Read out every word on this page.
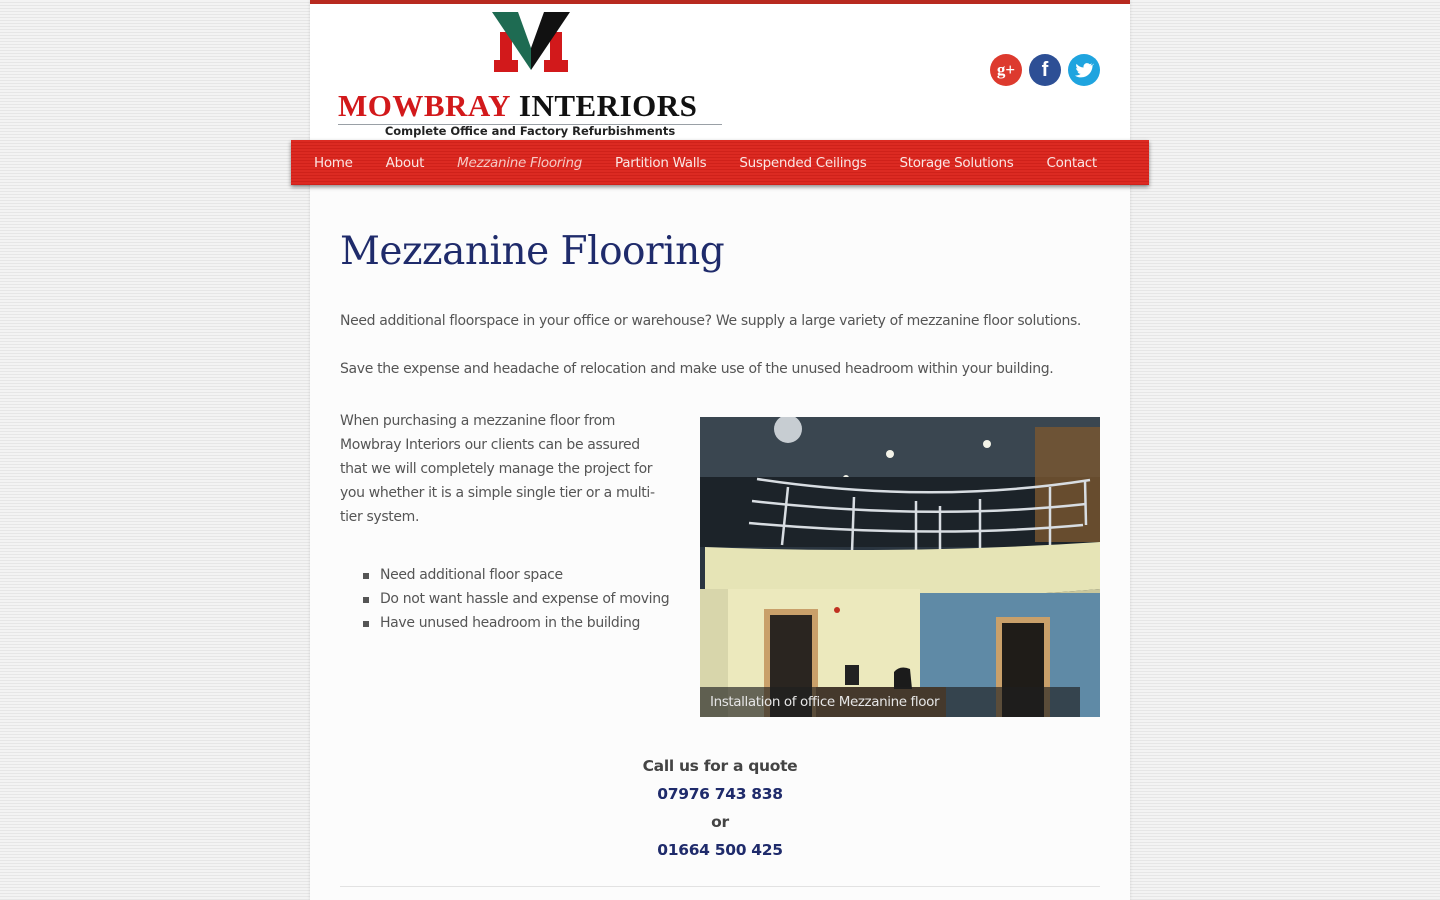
MOWBRAY INTERIORS
Complete Office and Factory Refurbishments
g+	f
Mezzanine Flooring

Need additional floorspace in your office or warehouse? We supply a large variety of mezzanine floor solutions.

Save the expense and headache of relocation and make use of the unused headroom within your building.

When purchasing a mezzanine floor from Mowbray Interiors our clients can be assured that we will completely manage the project for you whether it is a simple single tier or a multi-tier system.

Need additional floor space
Do not want hassle and expense of moving
Have unused headroom in the building
Installation of office Mezzanine floor
Call us for a quote
07976 743 838
or
01664 500 425
Home About Mezzanine Flooring Partition Walls Suspended Ceilings Storage Solutions Contact
